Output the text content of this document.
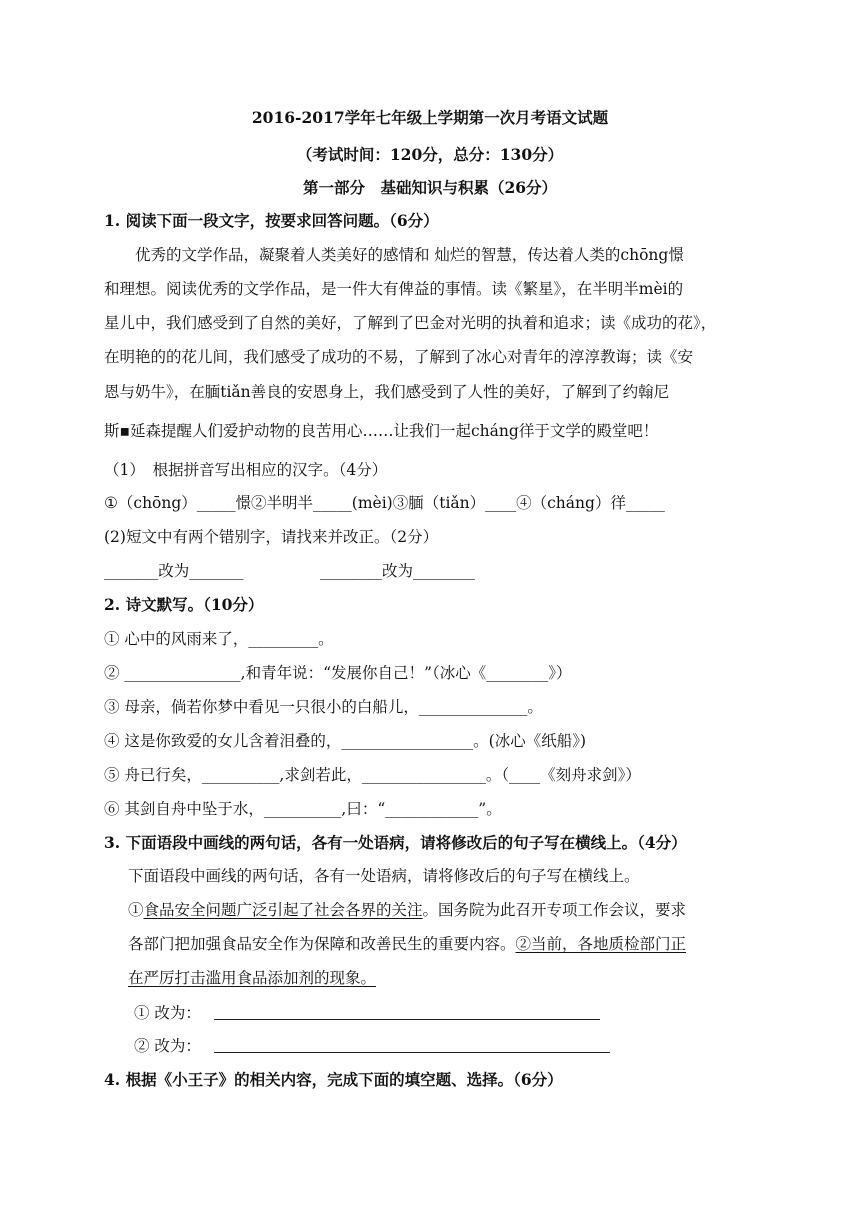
2016-2017学年七年级上学期第一次月考语文试题
（考试时间：120分，总分：130分）
第一部分　基础知识与积累（26分）
1. 阅读下面一段文字，按要求回答问题。（6分）
优秀的文学作品，凝聚着人类美好的感情和 灿烂的智慧，传达着人类的chōng憬
和理想。阅读优秀的文学作品，是一件大有俾益的事情。读《繁星》，在半明半mèi的
星儿中，我们感受到了自然的美好，了解到了巴金对光明的执着和追求；读《成功的花》，
在明艳的的花儿间，我们感受了成功的不易，了解到了冰心对青年的淳淳教诲；读《安
恩与奶牛》，在腼tiǎn善良的安恩身上，我们感受到了人性的美好，了解到了约翰尼
斯▪延森提醒人们爱护动物的良苦用心……让我们一起cháng徉于文学的殿堂吧！
（1）　根据拼音写出相应的汉字。（4分）
①（chōng）_____憬②半明半_____(mèi)③腼（tiǎn）____④（cháng）徉_____
(2)短文中有两个错别字，请找来并改正。（2分）
_______改为_______	________改为________
2. 诗文默写。（10分）
① 心中的风雨来了，_________。
② _______________,和青年说：“发展你自己！”（冰心《________》）
③ 母亲，倘若你梦中看见一只很小的白船儿，______________。
④ 这是你致爱的女儿含着泪叠的，_________________。(冰心《纸船》)
⑤ 舟已行矣，__________,求剑若此，________________。（____《刻舟求剑》）
⑥ 其剑自舟中坠于水，__________,曰：“____________”。
3. 下面语段中画线的两句话，各有一处语病，请将修改后的句子写在横线上。（4分）
下面语段中画线的两句话，各有一处语病，请将修改后的句子写在横线上。
①食品安全问题广泛引起了社会各界的关注。国务院为此召开专项工作会议，要求
各部门把加强食品安全作为保障和改善民生的重要内容。②当前，各地质检部门正
在严厉打击滥用食品添加剂的现象。
① 改为：
② 改为：
4. 根据《小王子》的相关内容，完成下面的填空题、选择。（6分）
